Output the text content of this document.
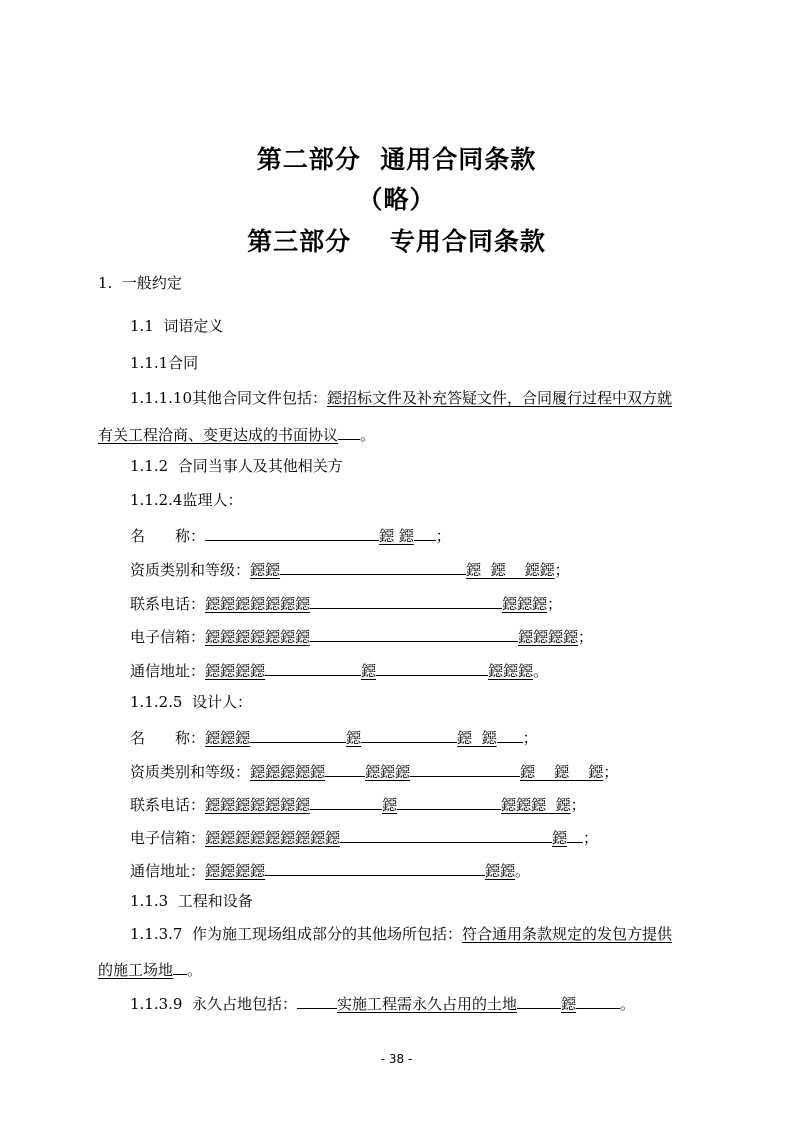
第二部分  通用合同条款
（略）
第三部分    专用合同条款
1.  一般约定
1.1  词语定义
1.1.1合同
1.1.1.10其他合同文件包括：鐚招标文件及补充答疑文件，合同履行过程中双方就
有关工程洽商、变更达成的书面协议 。
1.1.2  合同当事人及其他相关方
1.1.2.4监理人：
名　　称：	鐚 鐚 ；
资质类别和等级：鐚鐚	鐚  鐚    鐚鐚；
联系电话：鐚鐚鐚鐚鐚鐚鐚	鐚鐚鐚；
电子信箱：鐚鐚鐚鐚鐚鐚鐚	鐚鐚鐚鐚；
通信地址：鐚鐚鐚鐚	鐚	鐚鐚鐚。
1.1.2.5  设计人：
名　　称：鐚鐚鐚	鐚	鐚  鐚 ；
资质类别和等级：鐚鐚鐚鐚鐚	鐚鐚鐚	鐚    鐚    鐚；
联系电话：鐚鐚鐚鐚鐚鐚鐚	鐚	鐚鐚鐚  鐚；
电子信箱：鐚鐚鐚鐚鐚鐚鐚鐚鐚	鐚 ；
通信地址：鐚鐚鐚鐚	鐚鐚。
1.1.3  工程和设备
1.1.3.7  作为施工现场组成部分的其他场所包括：符合通用条款规定的发包方提供
的施工场地 。
1.1.3.9  永久占地包括：	实施工程需永久占用的土地	鐚	。
- 38 -
